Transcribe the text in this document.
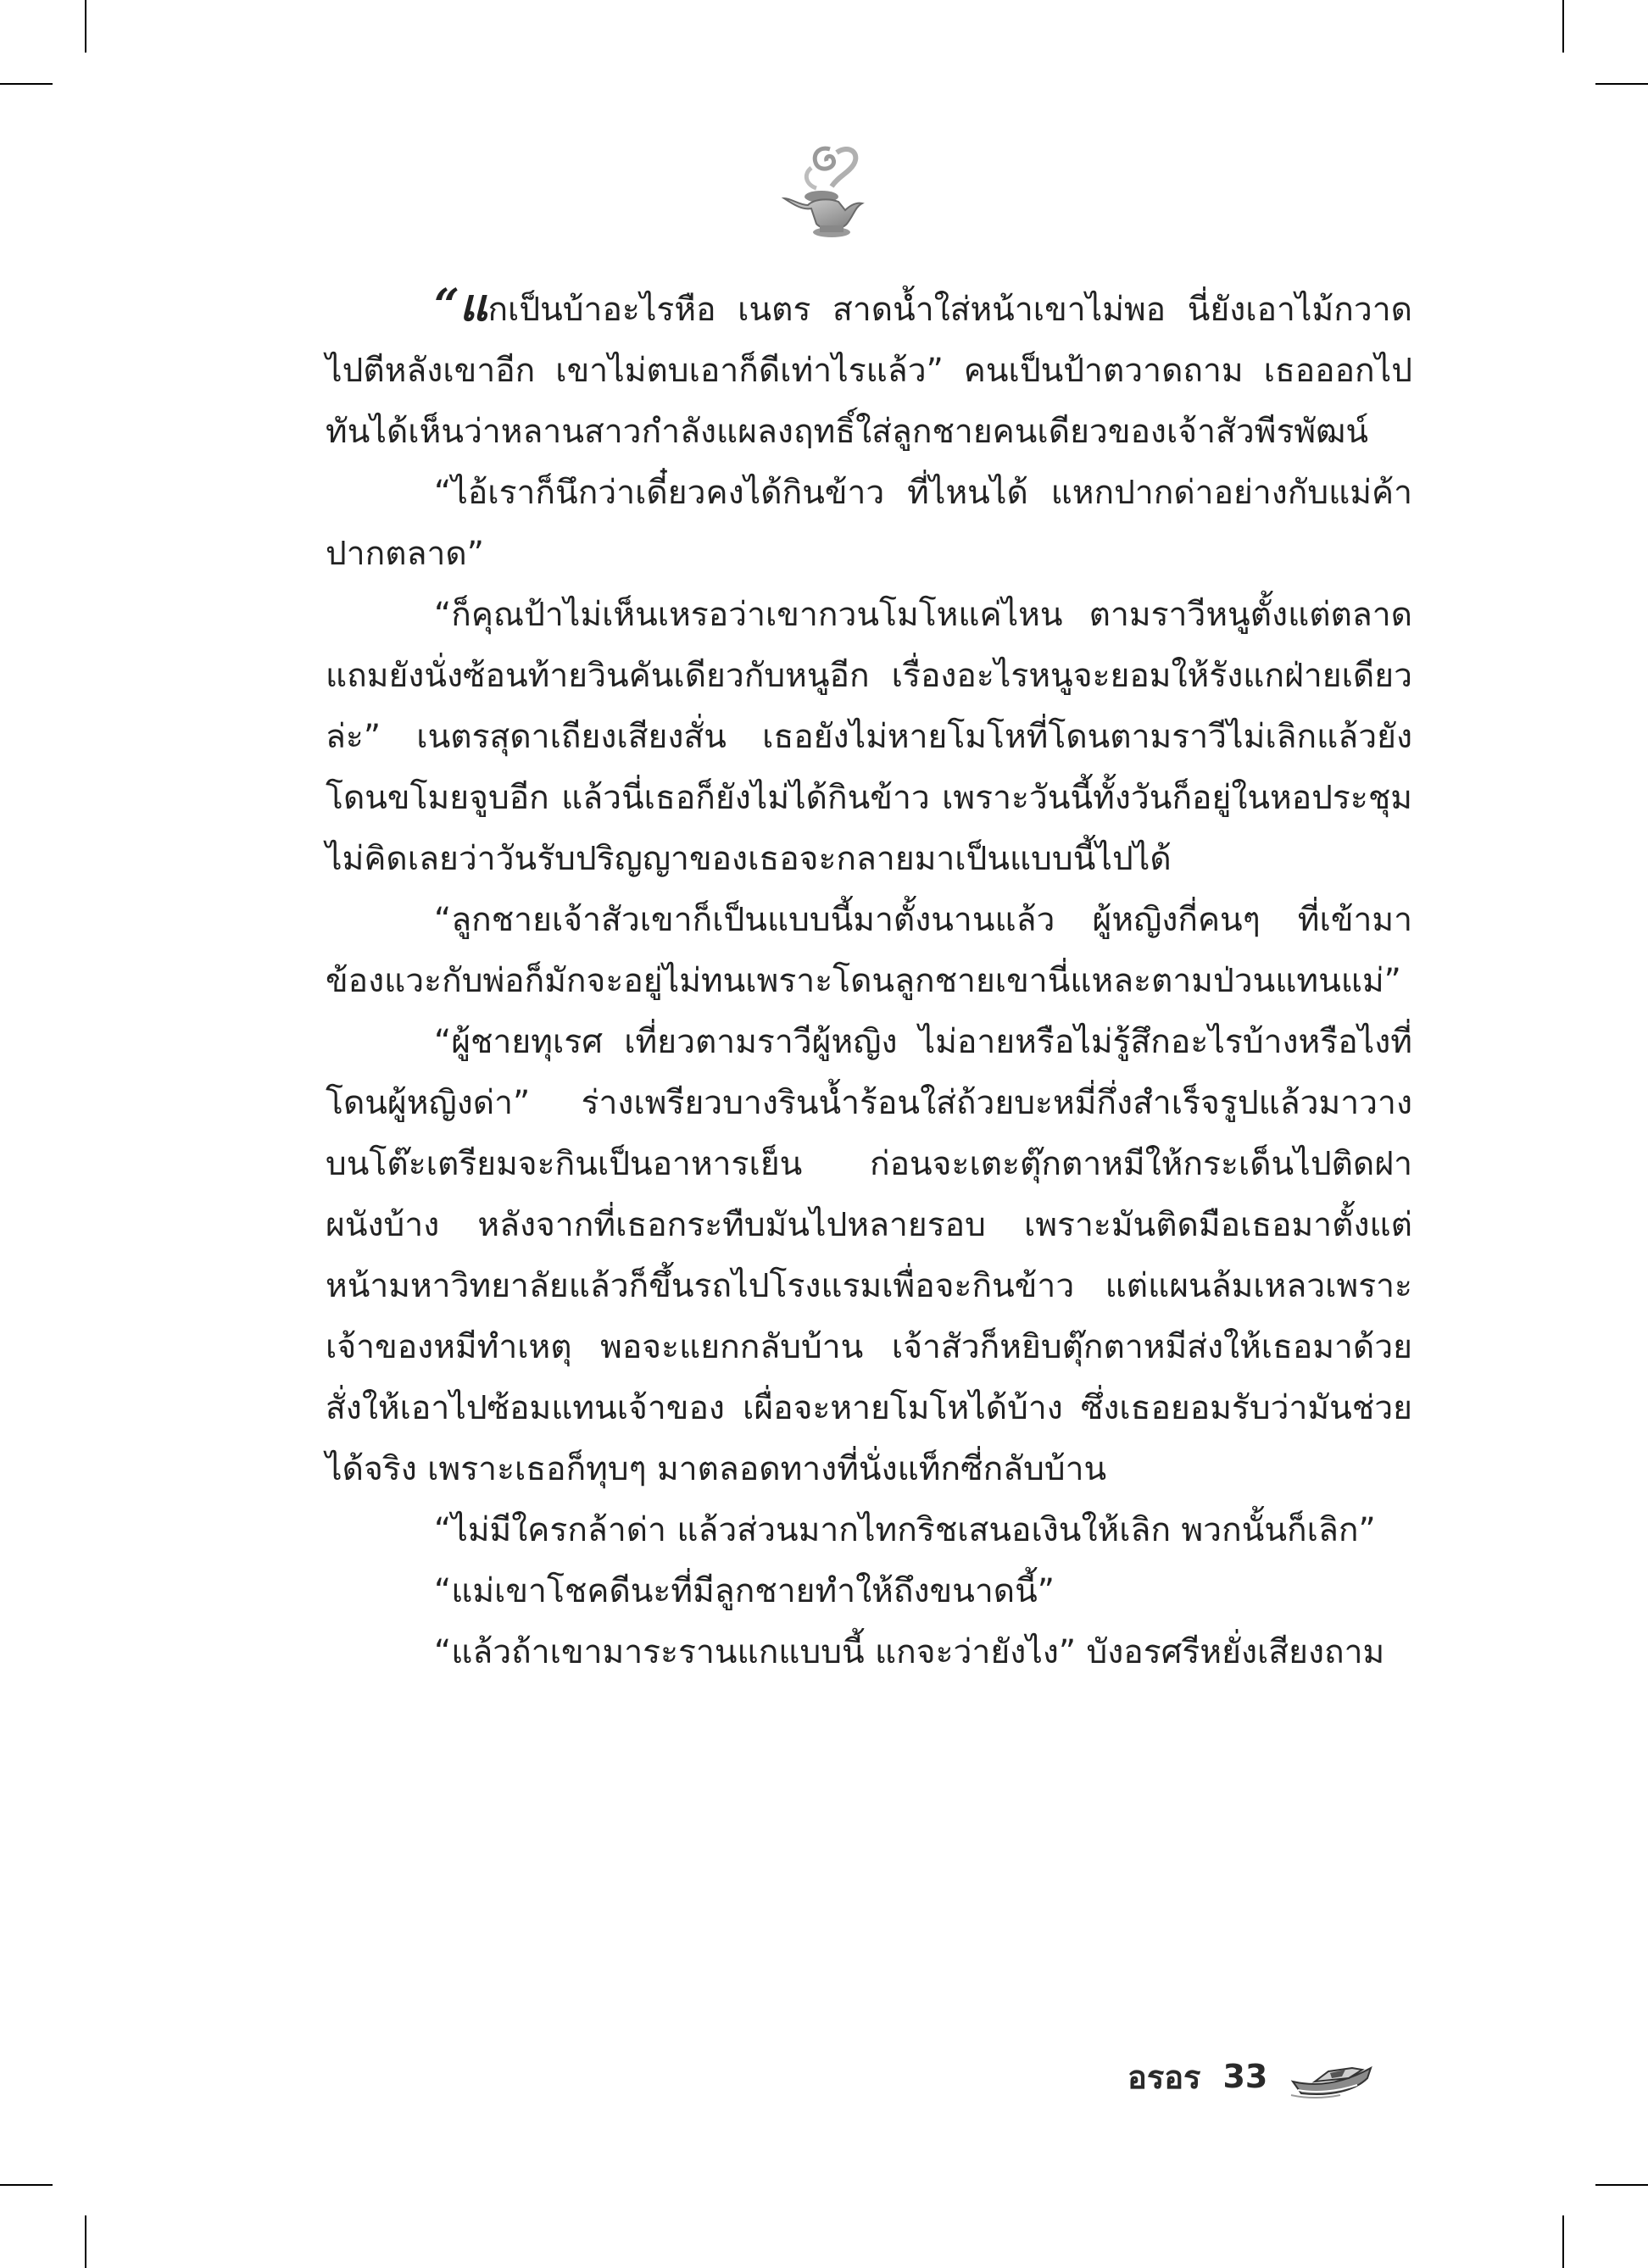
“แกเป็นบ้าอะไรหือ เนตร สาดน้ำใส่หน้าเขาไม่พอ นี่ยังเอาไม้กวาดไปตีหลังเขาอีก เขาไม่ตบเอาก็ดีเท่าไรแล้ว” คนเป็นป้าตวาดถาม เธอออกไปทันได้เห็นว่าหลานสาวกำลังแผลงฤทธิ์ใส่ลูกชายคนเดียวของเจ้าสัวพีรพัฒน์

“ไอ้เราก็นึกว่าเดี๋ยวคงได้กินข้าว ที่ไหนได้ แหกปากด่าอย่างกับแม่ค้าปากตลาด”

“ก็คุณป้าไม่เห็นเหรอว่าเขากวนโมโหแค่ไหน ตามราวีหนูตั้งแต่ตลาด แถมยังนั่งซ้อนท้ายวินคันเดียวกับหนูอีก เรื่องอะไรหนูจะยอมให้รังแกฝ่ายเดียวล่ะ” เนตรสุดาเถียงเสียงสั่น เธอยังไม่หายโมโหที่โดนตามราวีไม่เลิกแล้วยังโดนขโมยจูบอีก แล้วนี่เธอก็ยังไม่ได้กินข้าว เพราะวันนี้ทั้งวันก็อยู่ในหอประชุม ไม่คิดเลยว่าวันรับปริญญาของเธอจะกลายมาเป็นแบบนี้ไปได้

“ลูกชายเจ้าสัวเขาก็เป็นแบบนี้มาตั้งนานแล้ว ผู้หญิงกี่คนๆ ที่เข้ามาข้องแวะกับพ่อก็มักจะอยู่ไม่ทนเพราะโดนลูกชายเขานี่แหละตามป่วนแทนแม่”

“ผู้ชายทุเรศ เที่ยวตามราวีผู้หญิง ไม่อายหรือไม่รู้สึกอะไรบ้างหรือไงที่โดนผู้หญิงด่า” ร่างเพรียวบางรินน้ำร้อนใส่ถ้วยบะหมี่กึ่งสำเร็จรูปแล้วมาวางบนโต๊ะเตรียมจะกินเป็นอาหารเย็น ก่อนจะเตะตุ๊กตาหมีให้กระเด็นไปติดฝาผนังบ้าง หลังจากที่เธอกระทืบมันไปหลายรอบ เพราะมันติดมือเธอมาตั้งแต่หน้ามหาวิทยาลัยแล้วก็ขึ้นรถไปโรงแรมเพื่อจะกินข้าว แต่แผนล้มเหลวเพราะเจ้าของหมีทำเหตุ พอจะแยกกลับบ้าน เจ้าสัวก็หยิบตุ๊กตาหมีส่งให้เธอมาด้วย สั่งให้เอาไปซ้อมแทนเจ้าของ เผื่อจะหายโมโหได้บ้าง ซึ่งเธอยอมรับว่ามันช่วยได้จริง เพราะเธอก็ทุบๆ มาตลอดทางที่นั่งแท็กซี่กลับบ้าน

“ไม่มีใครกล้าด่า แล้วส่วนมากไทกริชเสนอเงินให้เลิก พวกนั้นก็เลิก”

“แม่เขาโชคดีนะที่มีลูกชายทำให้ถึงขนาดนี้”

“แล้วถ้าเขามาระรานแกแบบนี้ แกจะว่ายังไง” บังอรศรีหยั่งเสียงถาม

อรอร 33
